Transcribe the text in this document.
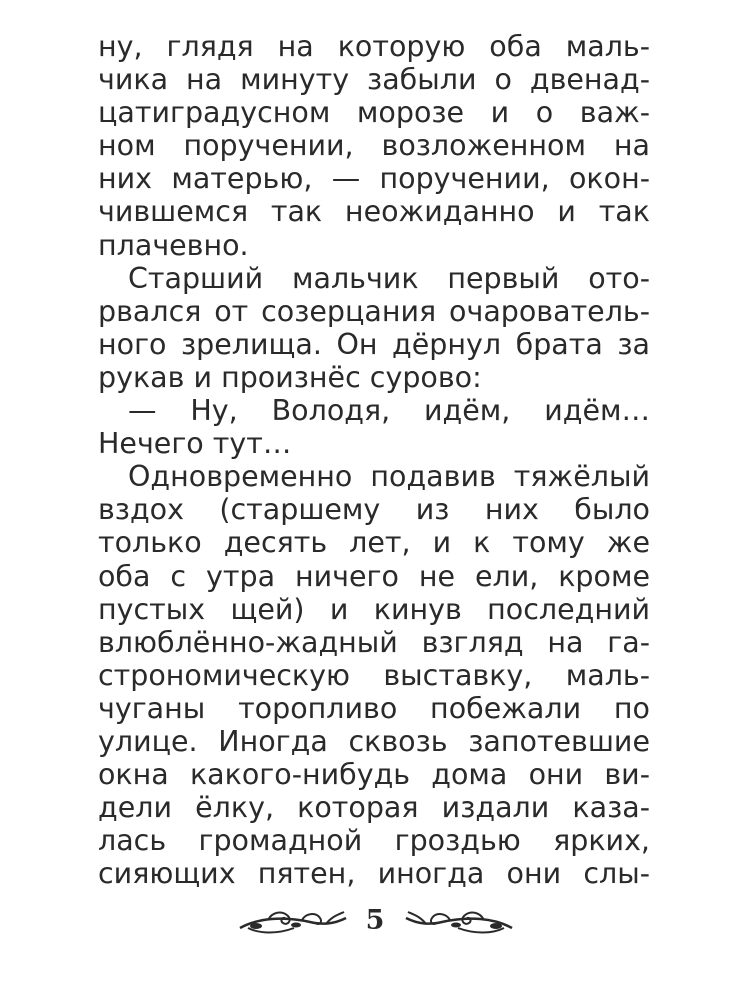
ну, глядя на которую оба маль-
чика на минуту забыли о двенад-
цатиградусном морозе и о важ-
ном поручении, возложенном на
них матерью, — поручении, окон-
чившемся так неожиданно и так
плачевно.
Старший мальчик первый ото-
рвался от созерцания очарователь-
ного зрелища. Он дёрнул брата за
рукав и произнёс сурово:
— Ну, Володя, идём, идём…
Нечего тут…
Одновременно подавив тяжёлый
вздох (старшему из них было
только десять лет, и к тому же
оба с утра ничего не ели, кроме
пустых щей) и кинув последний
влюблённо-жадный взгляд на га-
строномическую выставку, маль-
чуганы торопливо побежали по
улице. Иногда сквозь запотевшие
окна какого-нибудь дома они ви-
дели ёлку, которая издали каза-
лась громадной гроздью ярких,
сияющих пятен, иногда они слы-
5
